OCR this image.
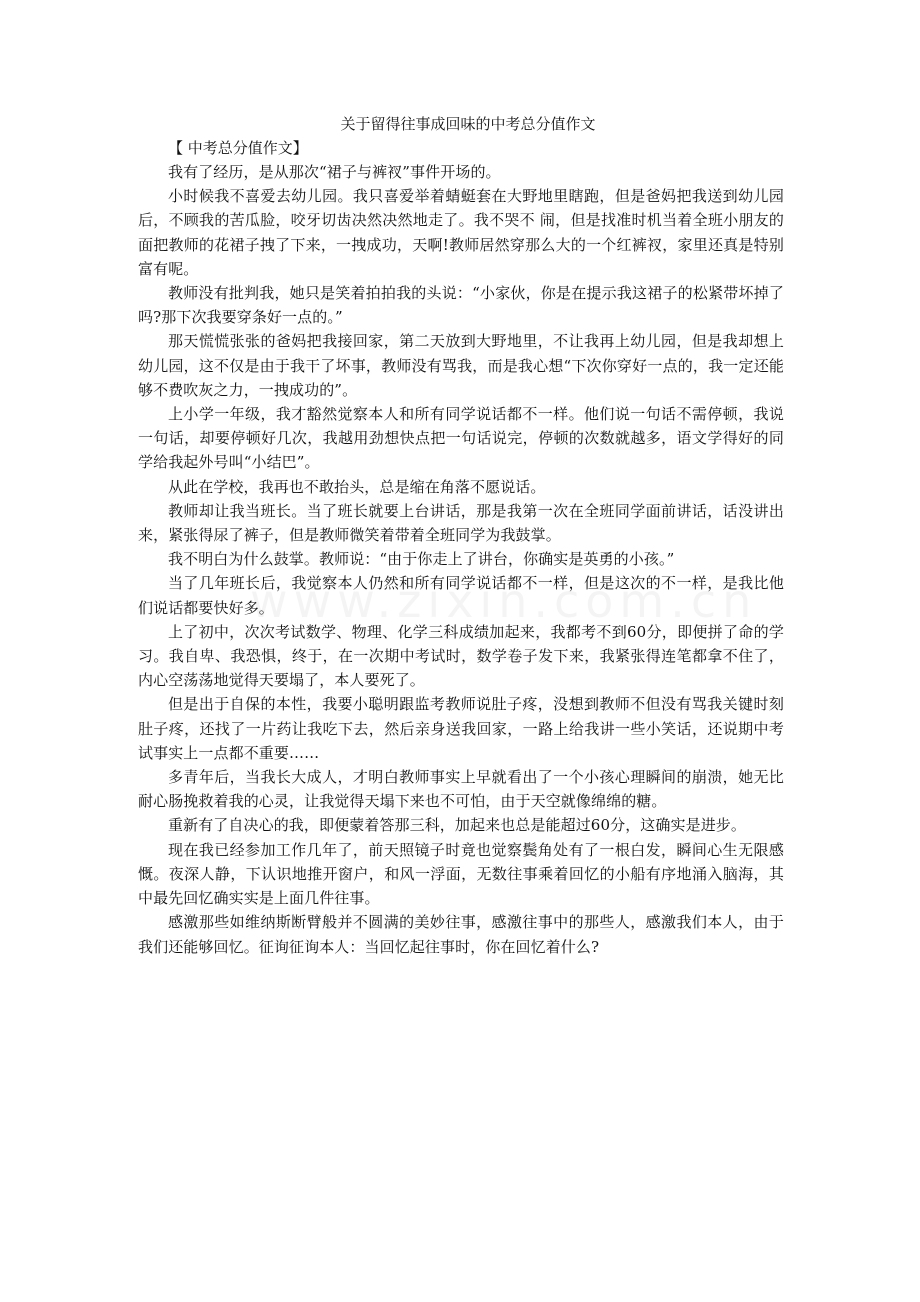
关于留得往事成回味的中考总分值作文

【 中考总分值作文】

我有了经历，是从那次“裙子与裤衩”事件开场的。

小时候我不喜爱去幼儿园。我只喜爱举着蜻蜓套在大野地里瞎跑，但是爸妈把我送到幼儿园后，不顾我的苦瓜脸，咬牙切齿决然决然地走了。我不哭不 闹，但是找准时机当着全班小朋友的面把教师的花裙子拽了下来，一拽成功，天啊!教师居然穿那么大的一个红裤衩，家里还真是特别富有呢。

教师没有批判我，她只是笑着拍拍我的头说：“小家伙，你是在提示我这裙子的松紧带坏掉了吗?那下次我要穿条好一点的。”

那天慌慌张张的爸妈把我接回家，第二天放到大野地里，不让我再上幼儿园，但是我却想上幼儿园，这不仅是由于我干了坏事，教师没有骂我，而是我心想“下次你穿好一点的，我一定还能够不费吹灰之力，一拽成功的”。

上小学一年级，我才豁然觉察本人和所有同学说话都不一样。他们说一句话不需停顿，我说一句话，却要停顿好几次，我越用劲想快点把一句话说完，停顿的次数就越多，语文学得好的同学给我起外号叫“小结巴”。

从此在学校，我再也不敢抬头，总是缩在角落不愿说话。

教师却让我当班长。当了班长就要上台讲话，那是我第一次在全班同学面前讲话，话没讲出来，紧张得尿了裤子，但是教师微笑着带着全班同学为我鼓掌。

我不明白为什么鼓掌。教师说：“由于你走上了讲台，你确实是英勇的小孩。”

当了几年班长后，我觉察本人仍然和所有同学说话都不一样，但是这次的不一样，是我比他们说话都要快好多。

上了初中，次次考试数学、物理、化学三科成绩加起来，我都考不到60分，即便拼了命的学习。我自卑、我恐惧，终于，在一次期中考试时，数学卷子发下来，我紧张得连笔都拿不住了，内心空荡荡地觉得天要塌了，本人要死了。

但是出于自保的本性，我要小聪明跟监考教师说肚子疼，没想到教师不但没有骂我关键时刻肚子疼，还找了一片药让我吃下去，然后亲身送我回家，一路上给我讲一些小笑话，还说期中考试事实上一点都不重要……

多青年后，当我长大成人，才明白教师事实上早就看出了一个小孩心理瞬间的崩溃，她无比耐心肠挽救着我的心灵，让我觉得天塌下来也不可怕，由于天空就像绵绵的糖。

重新有了自决心的我，即便蒙着答那三科，加起来也总是能超过60分，这确实是进步。

现在我已经参加工作几年了，前天照镜子时竟也觉察鬓角处有了一根白发，瞬间心生无限感慨。夜深人静，下认识地推开窗户，和风一浮面，无数往事乘着回忆的小船有序地涌入脑海，其中最先回忆确实实是上面几件往事。

感激那些如维纳斯断臂般并不圆满的美妙往事，感激往事中的那些人，感激我们本人，由于我们还能够回忆。征询征询本人：当回忆起往事时，你在回忆着什么?
